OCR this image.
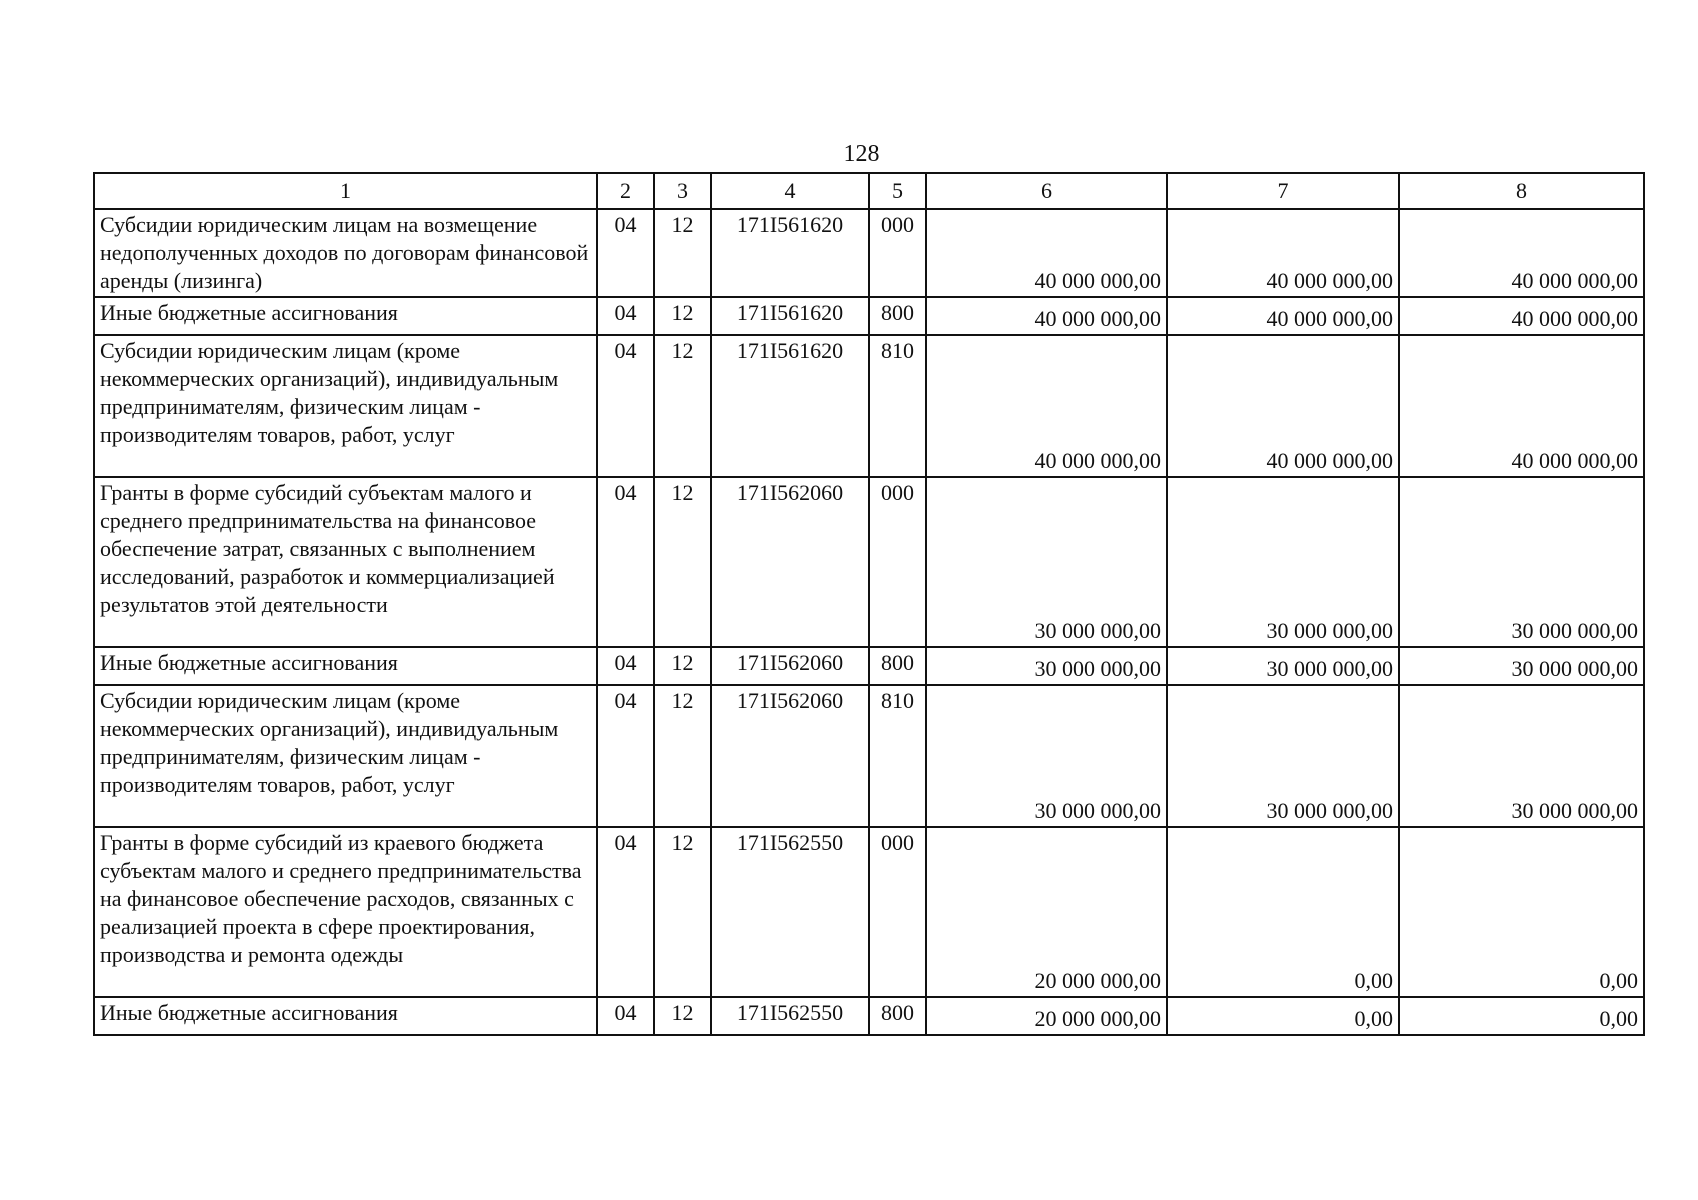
128
1	2	3	4	5	6	7	8
Субсидии юридическим лицам на возмещение недополученных доходов по договорам финансовой аренды (лизинга)	04	12	171I561620	000	40 000 000,00	40 000 000,00	40 000 000,00
Иные бюджетные ассигнования	04	12	171I561620	800	40 000 000,00	40 000 000,00	40 000 000,00
Субсидии юридическим лицам (кроме некоммерческих организаций), индивидуальным предпринимателям, физическим лицам - производителям товаров, работ, услуг	04	12	171I561620	810	40 000 000,00	40 000 000,00	40 000 000,00
Гранты в форме субсидий субъектам малого и среднего предпринимательства на финансовое обеспечение затрат, связанных с выполнением исследований, разработок и коммерциализацией результатов этой деятельности	04	12	171I562060	000	30 000 000,00	30 000 000,00	30 000 000,00
Иные бюджетные ассигнования	04	12	171I562060	800	30 000 000,00	30 000 000,00	30 000 000,00
Субсидии юридическим лицам (кроме некоммерческих организаций), индивидуальным предпринимателям, физическим лицам - производителям товаров, работ, услуг	04	12	171I562060	810	30 000 000,00	30 000 000,00	30 000 000,00
Гранты в форме субсидий из краевого бюджета субъектам малого и среднего предпринимательства на финансовое обеспечение расходов, связанных с реализацией проекта в сфере проектирования, производства и ремонта одежды	04	12	171I562550	000	20 000 000,00	0,00	0,00
Иные бюджетные ассигнования	04	12	171I562550	800	20 000 000,00	0,00	0,00
